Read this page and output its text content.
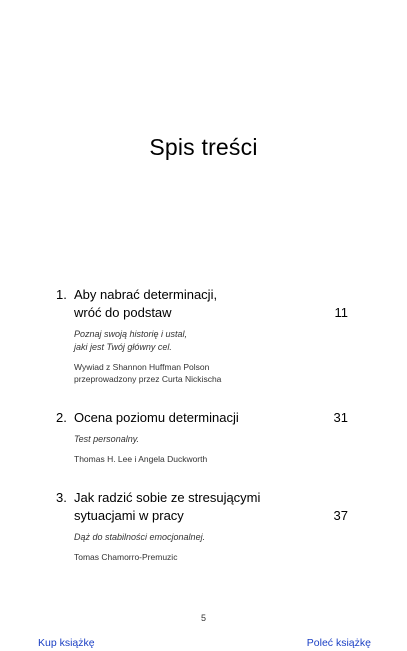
Spis treści
1. Aby nabrać determinacji,
wróć do podstaw	11
Poznaj swoją historię i ustal,
jaki jest Twój główny cel.
Wywiad z Shannon Huffman Polson
przeprowadzony przez Curta Nickischa
2. Ocena poziomu determinacji	31
Test personalny.
Thomas H. Lee i Angela Duckworth
3. Jak radzić sobie ze stresującymi
sytuacjami w pracy	37
Dąż do stabilności emocjonalnej.
Tomas Chamorro-Premuzic
5
Kup książkę	Poleć książkę
